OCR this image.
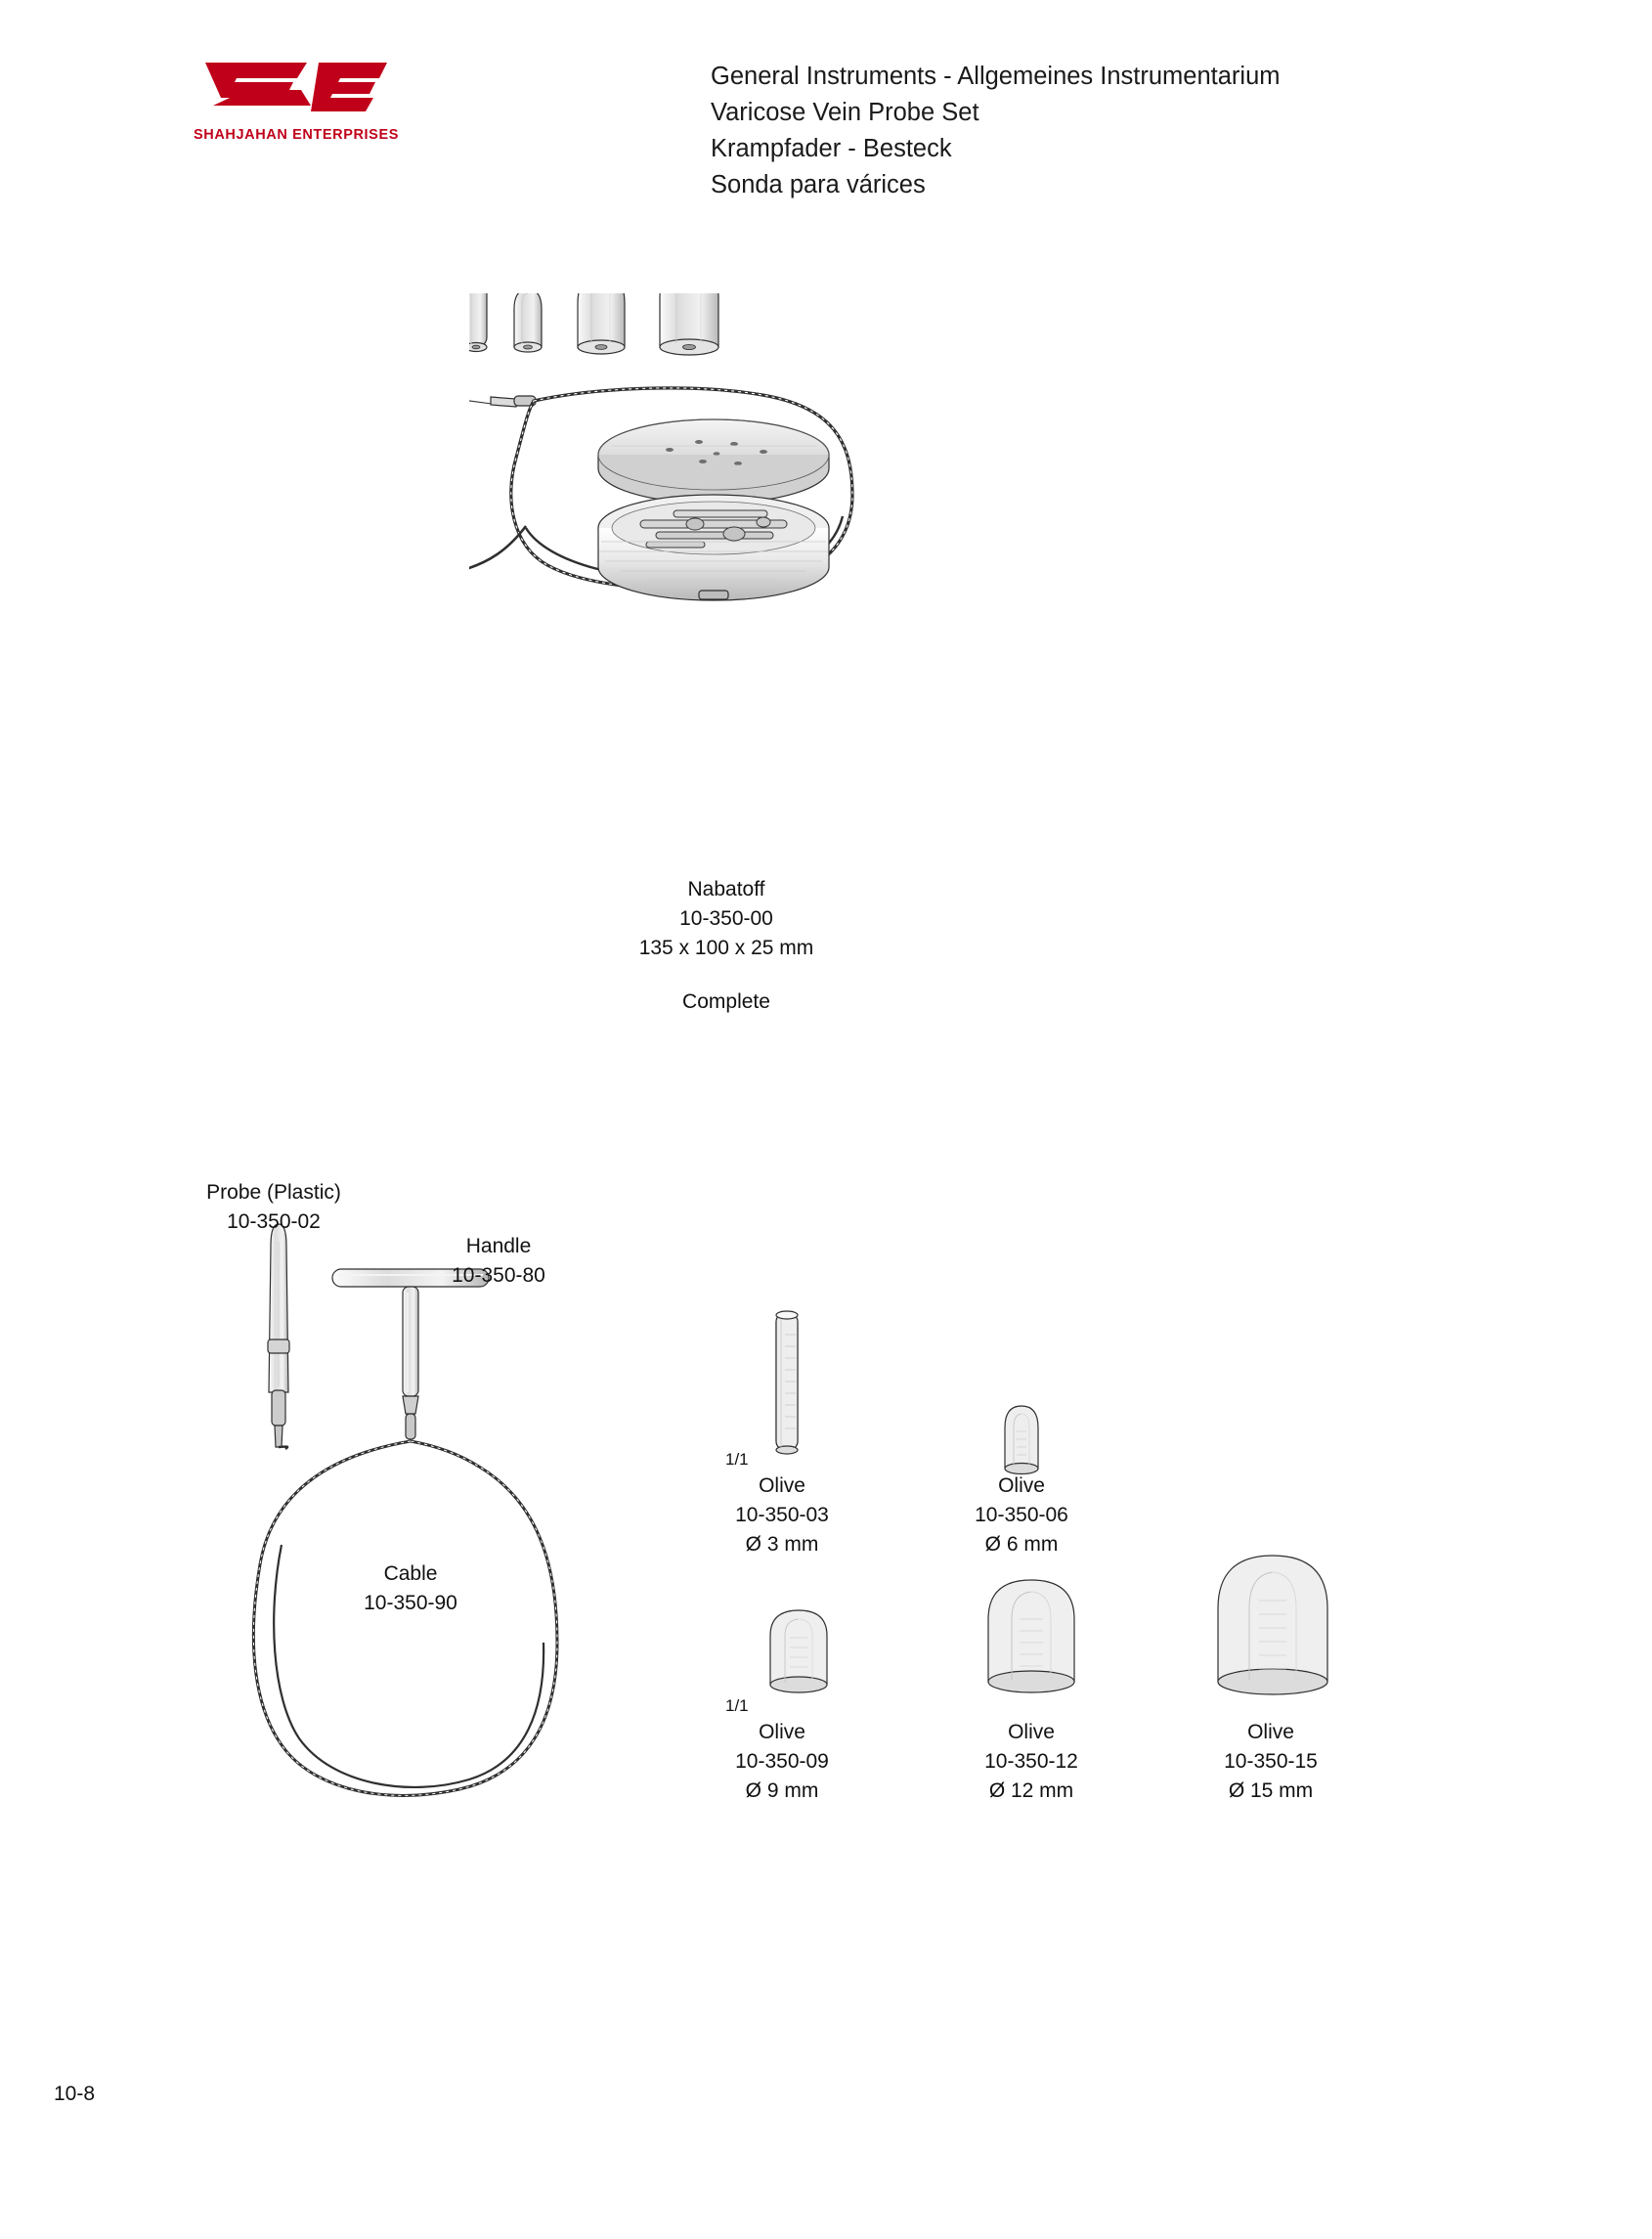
SHAHJAHAN ENTERPRISES
General Instruments - Allgemeines Instrumentarium
Varicose Vein Probe Set
Krampfader - Besteck
Sonda para várices
Nabatoff
10-350-00
135 x 100 x 25 mm
Complete
Probe (Plastic)
10-350-02
Handle
10-350-80
Cable
10-350-90
1/1
Olive
10-350-03
Ø 3 mm
Olive
10-350-06
Ø 6 mm
1/1
Olive
10-350-09
Ø 9 mm
Olive
10-350-12
Ø 12 mm
Olive
10-350-15
Ø 15 mm
10-8
